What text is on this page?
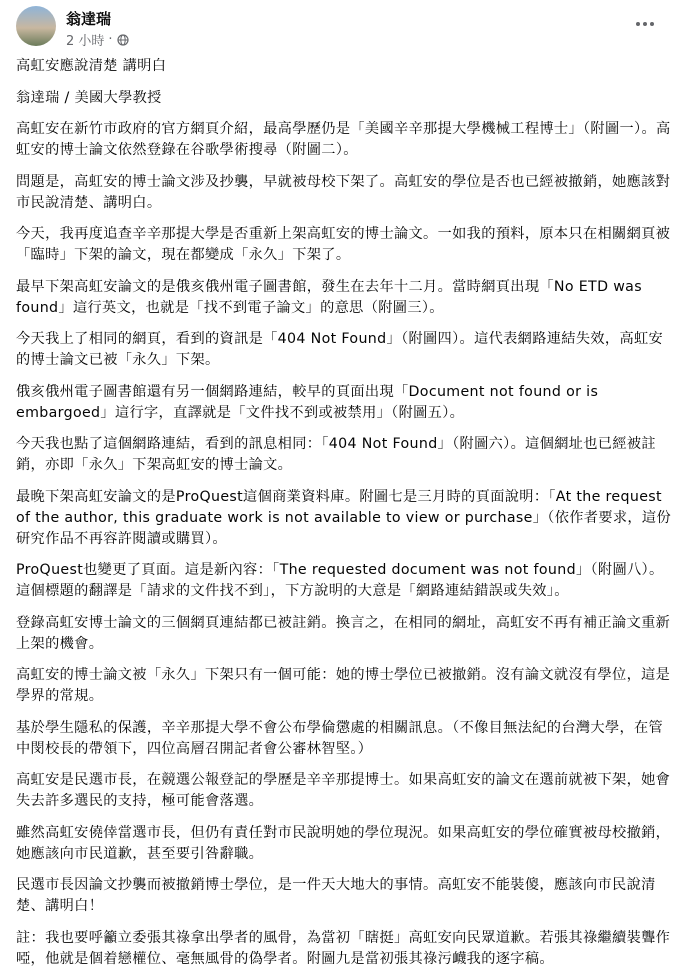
翁達瑞
2 小時 ·

高虹安應說清楚 講明白

翁達瑞 / 美國大學教授

高虹安在新竹市政府的官方網頁介紹，最高學歷仍是「美國辛辛那提大學機械工程博士」（附圖一）。高虹安的博士論文依然登錄在谷歌學術搜尋（附圖二）。

問題是，高虹安的博士論文涉及抄襲，早就被母校下架了。高虹安的學位是否也已經被撤銷，她應該對市民說清楚、講明白。

今天，我再度追查辛辛那提大學是否重新上架高虹安的博士論文。一如我的預料，原本只在相關網頁被「臨時」下架的論文，現在都變成「永久」下架了。

最早下架高虹安論文的是俄亥俄州電子圖書館，發生在去年十二月。當時網頁出現「No ETD was found」這行英文，也就是「找不到電子論文」的意思（附圖三）。

今天我上了相同的網頁，看到的資訊是「404 Not Found」（附圖四）。這代表網路連結失效，高虹安的博士論文已被「永久」下架。

俄亥俄州電子圖書館還有另一個網路連結，較早的頁面出現「Document not found or is embargoed」這行字，直譯就是「文件找不到或被禁用」（附圖五）。

今天我也點了這個網路連結，看到的訊息相同：「404 Not Found」（附圖六）。這個網址也已經被註銷，亦即「永久」下架高虹安的博士論文。

最晚下架高虹安論文的是ProQuest這個商業資料庫。附圖七是三月時的頁面說明：「At the request of the author, this graduate work is not available to view or purchase」（依作者要求，這份研究作品不再容許閱讀或購買）。

ProQuest也變更了頁面。這是新內容：「The requested document was not found」（附圖八）。這個標題的翻譯是「請求的文件找不到」，下方說明的大意是「網路連結錯誤或失效」。

登錄高虹安博士論文的三個網頁連結都已被註銷。換言之，在相同的網址，高虹安不再有補正論文重新上架的機會。

高虹安的博士論文被「永久」下架只有一個可能：她的博士學位已被撤銷。沒有論文就沒有學位，這是學界的常規。

基於學生隱私的保護，辛辛那提大學不會公布學倫懲處的相關訊息。（不像目無法紀的台灣大學，在管中閔校長的帶領下，四位高層召開記者會公審林智堅。）

高虹安是民選市長，在競選公報登記的學歷是辛辛那提博士。如果高虹安的論文在選前就被下架，她會失去許多選民的支持，極可能會落選。

雖然高虹安僥倖當選市長，但仍有責任對市民說明她的學位現況。如果高虹安的學位確實被母校撤銷，她應該向市民道歉，甚至要引咎辭職。

民選市長因論文抄襲而被撤銷博士學位，是一件天大地大的事情。高虹安不能裝傻，應該向市民說清楚、講明白！

註：我也要呼籲立委張其祿拿出學者的風骨，為當初「瞎挺」高虹安向民眾道歉。若張其祿繼續裝聾作啞，他就是個着戀權位、毫無風骨的偽學者。附圖九是當初張其祿污衊我的逐字稿。
